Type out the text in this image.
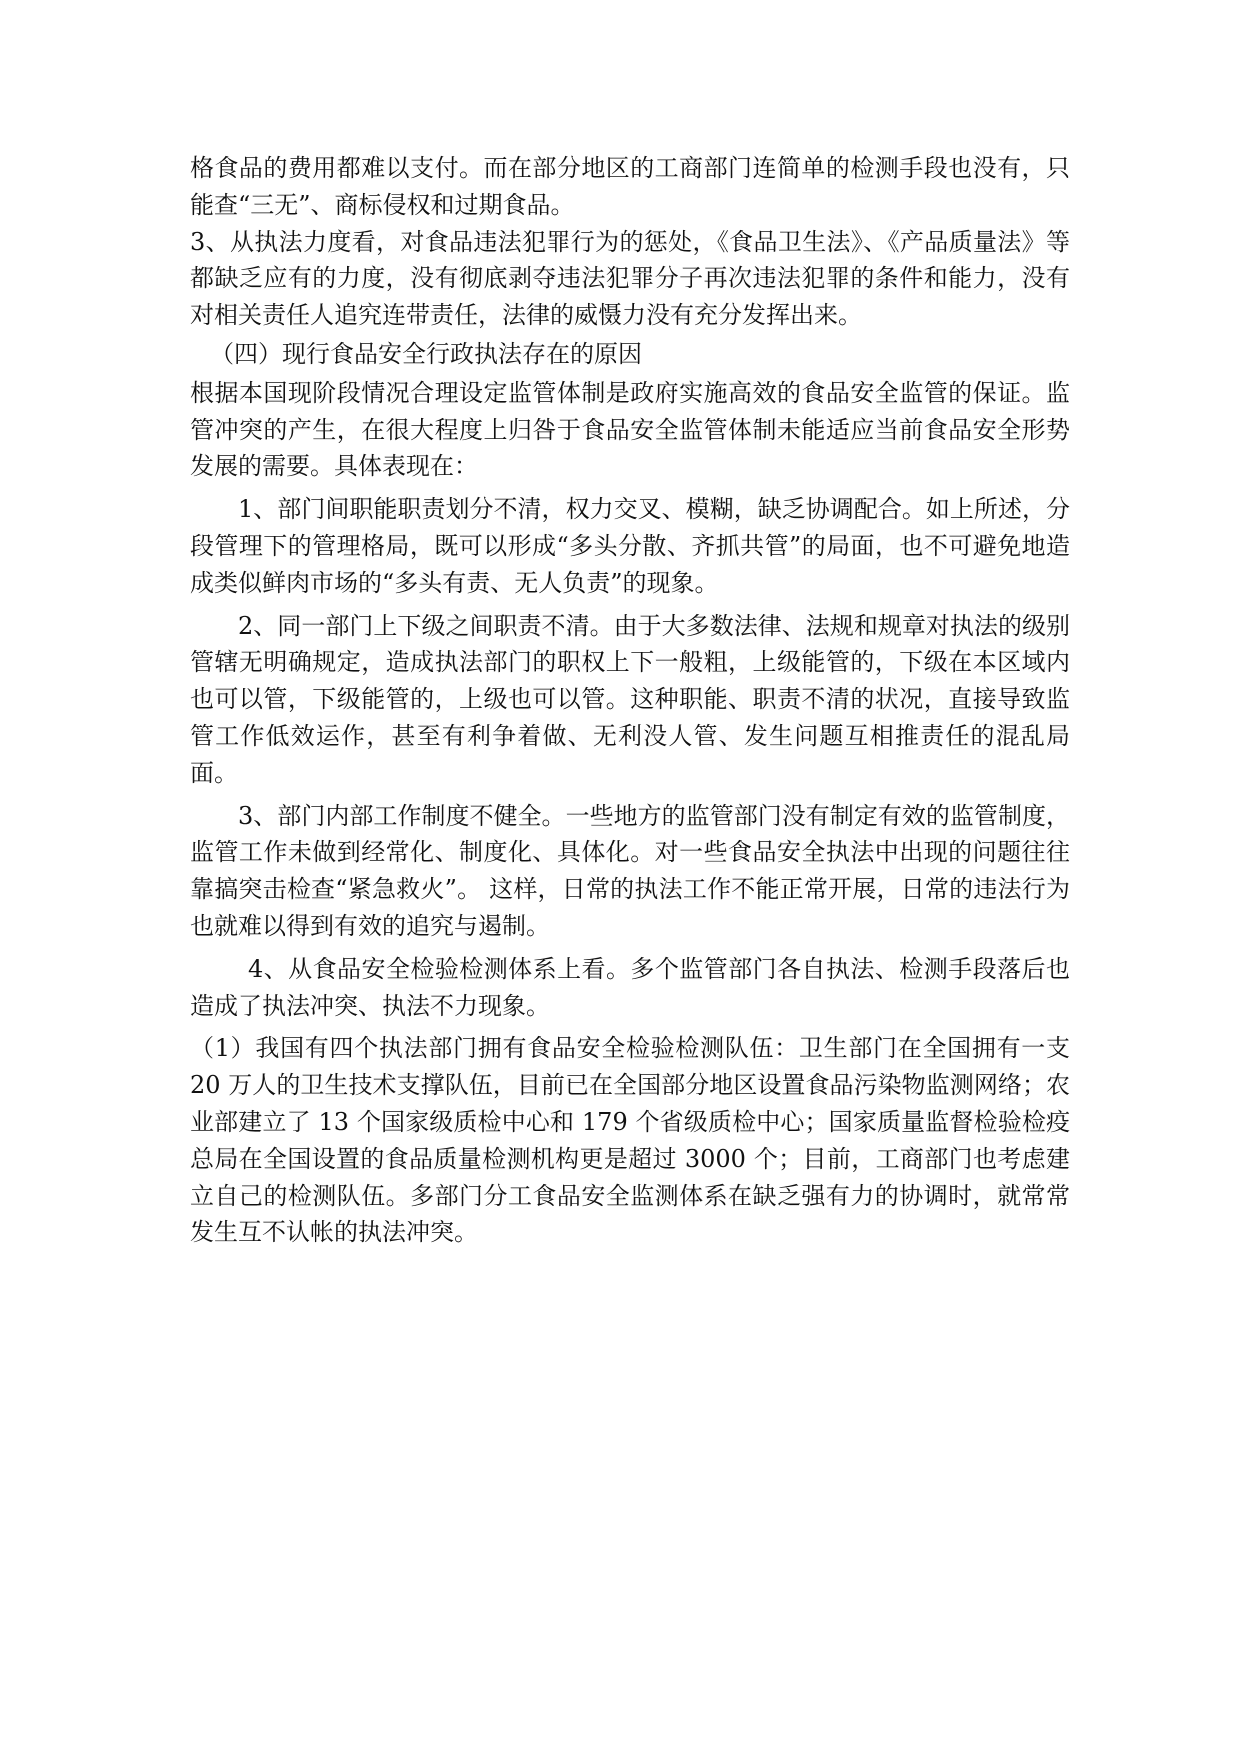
格食品的费用都难以支付。而在部分地区的工商部门连简单的检测手段也没有，只能查“三无”、商标侵权和过期食品。

3、从执法力度看，对食品违法犯罪行为的惩处，《食品卫生法》、《产品质量法》等都缺乏应有的力度，没有彻底剥夺违法犯罪分子再次违法犯罪的条件和能力，没有对相关责任人追究连带责任，法律的威慑力没有充分发挥出来。

（四）现行食品安全行政执法存在的原因

根据本国现阶段情况合理设定监管体制是政府实施高效的食品安全监管的保证。监管冲突的产生，在很大程度上归咎于食品安全监管体制未能适应当前食品安全形势发展的需要。具体表现在：

1、部门间职能职责划分不清，权力交叉、模糊，缺乏协调配合。如上所述，分段管理下的管理格局，既可以形成“多头分散、齐抓共管”的局面，也不可避免地造成类似鲜肉市场的“多头有责、无人负责”的现象。

2、同一部门上下级之间职责不清。由于大多数法律、法规和规章对执法的级别管辖无明确规定，造成执法部门的职权上下一般粗，上级能管的，下级在本区域内也可以管，下级能管的，上级也可以管。这种职能、职责不清的状况，直接导致监管工作低效运作，甚至有利争着做、无利没人管、发生问题互相推责任的混乱局面。

3、部门内部工作制度不健全。一些地方的监管部门没有制定有效的监管制度，监管工作未做到经常化、制度化、具体化。对一些食品安全执法中出现的问题往往靠搞突击检查“紧急救火”。 这样，日常的执法工作不能正常开展，日常的违法行为也就难以得到有效的追究与遏制。

4、从食品安全检验检测体系上看。多个监管部门各自执法、检测手段落后也造成了执法冲突、执法不力现象。

（1）我国有四个执法部门拥有食品安全检验检测队伍：卫生部门在全国拥有一支 20 万人的卫生技术支撑队伍，目前已在全国部分地区设置食品污染物监测网络；农业部建立了 13 个国家级质检中心和 179 个省级质检中心；国家质量监督检验检疫总局在全国设置的食品质量检测机构更是超过 3000 个；目前，工商部门也考虑建立自己的检测队伍。多部门分工食品安全监测体系在缺乏强有力的协调时，就常常发生互不认帐的执法冲突。
